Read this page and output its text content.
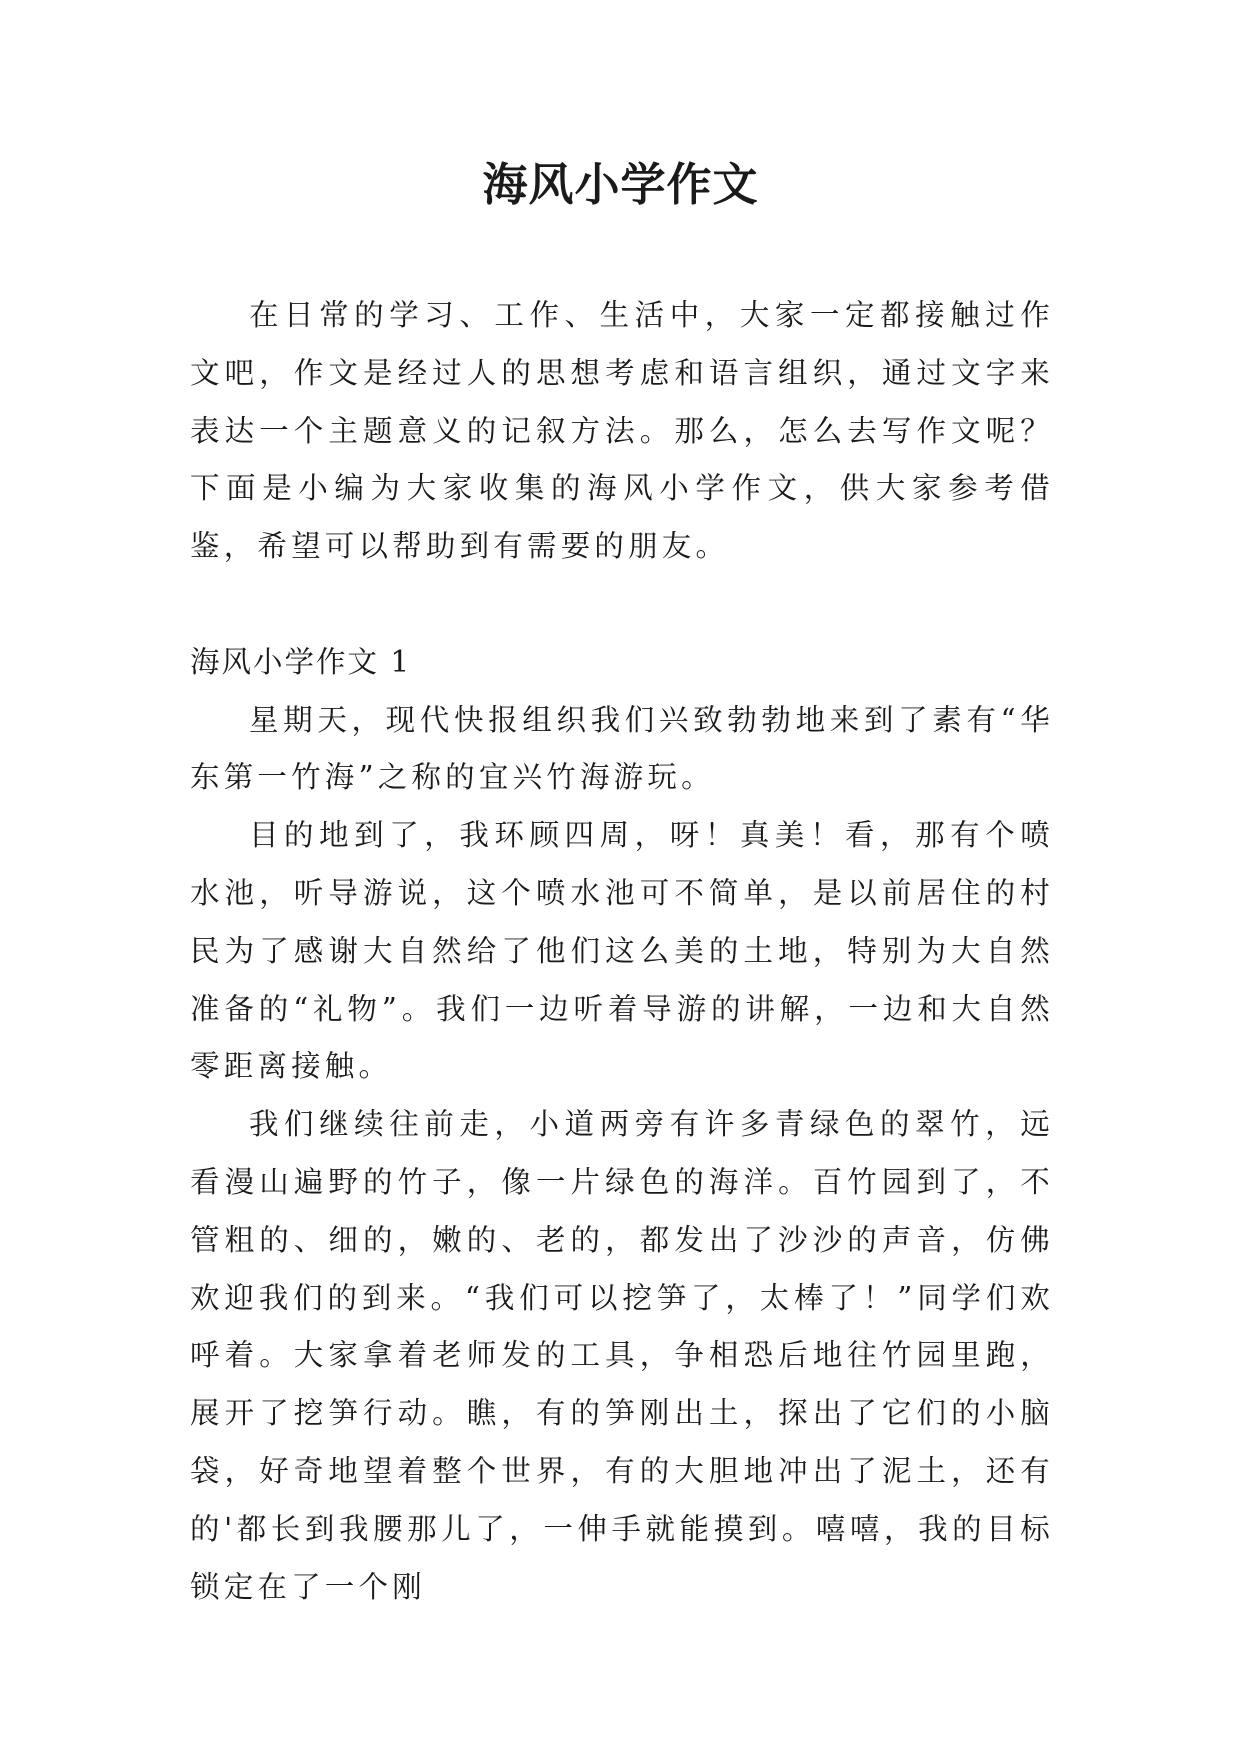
海风小学作文

在日常的学习、工作、生活中，大家一定都接触过作文吧，作文是经过人的思想考虑和语言组织，通过文字来表达一个主题意义的记叙方法。那么，怎么去写作文呢？下面是小编为大家收集的海风小学作文，供大家参考借鉴，希望可以帮助到有需要的朋友。

海风小学作文 1

星期天，现代快报组织我们兴致勃勃地来到了素有“华东第一竹海”之称的宜兴竹海游玩。

目的地到了，我环顾四周，呀！真美！看，那有个喷水池，听导游说，这个喷水池可不简单，是以前居住的村民为了感谢大自然给了他们这么美的土地，特别为大自然准备的“礼物”。我们一边听着导游的讲解，一边和大自然零距离接触。

我们继续往前走，小道两旁有许多青绿色的翠竹，远看漫山遍野的竹子，像一片绿色的海洋。百竹园到了，不管粗的、细的，嫩的、老的，都发出了沙沙的声音，仿佛欢迎我们的到来。“我们可以挖笋了，太棒了！”同学们欢呼着。大家拿着老师发的工具，争相恐后地往竹园里跑，展开了挖笋行动。瞧，有的笋刚出土，探出了它们的小脑袋，好奇地望着整个世界，有的大胆地冲出了泥土，还有的'都长到我腰那儿了，一伸手就能摸到。嘻嘻，我的目标锁定在了一个刚
